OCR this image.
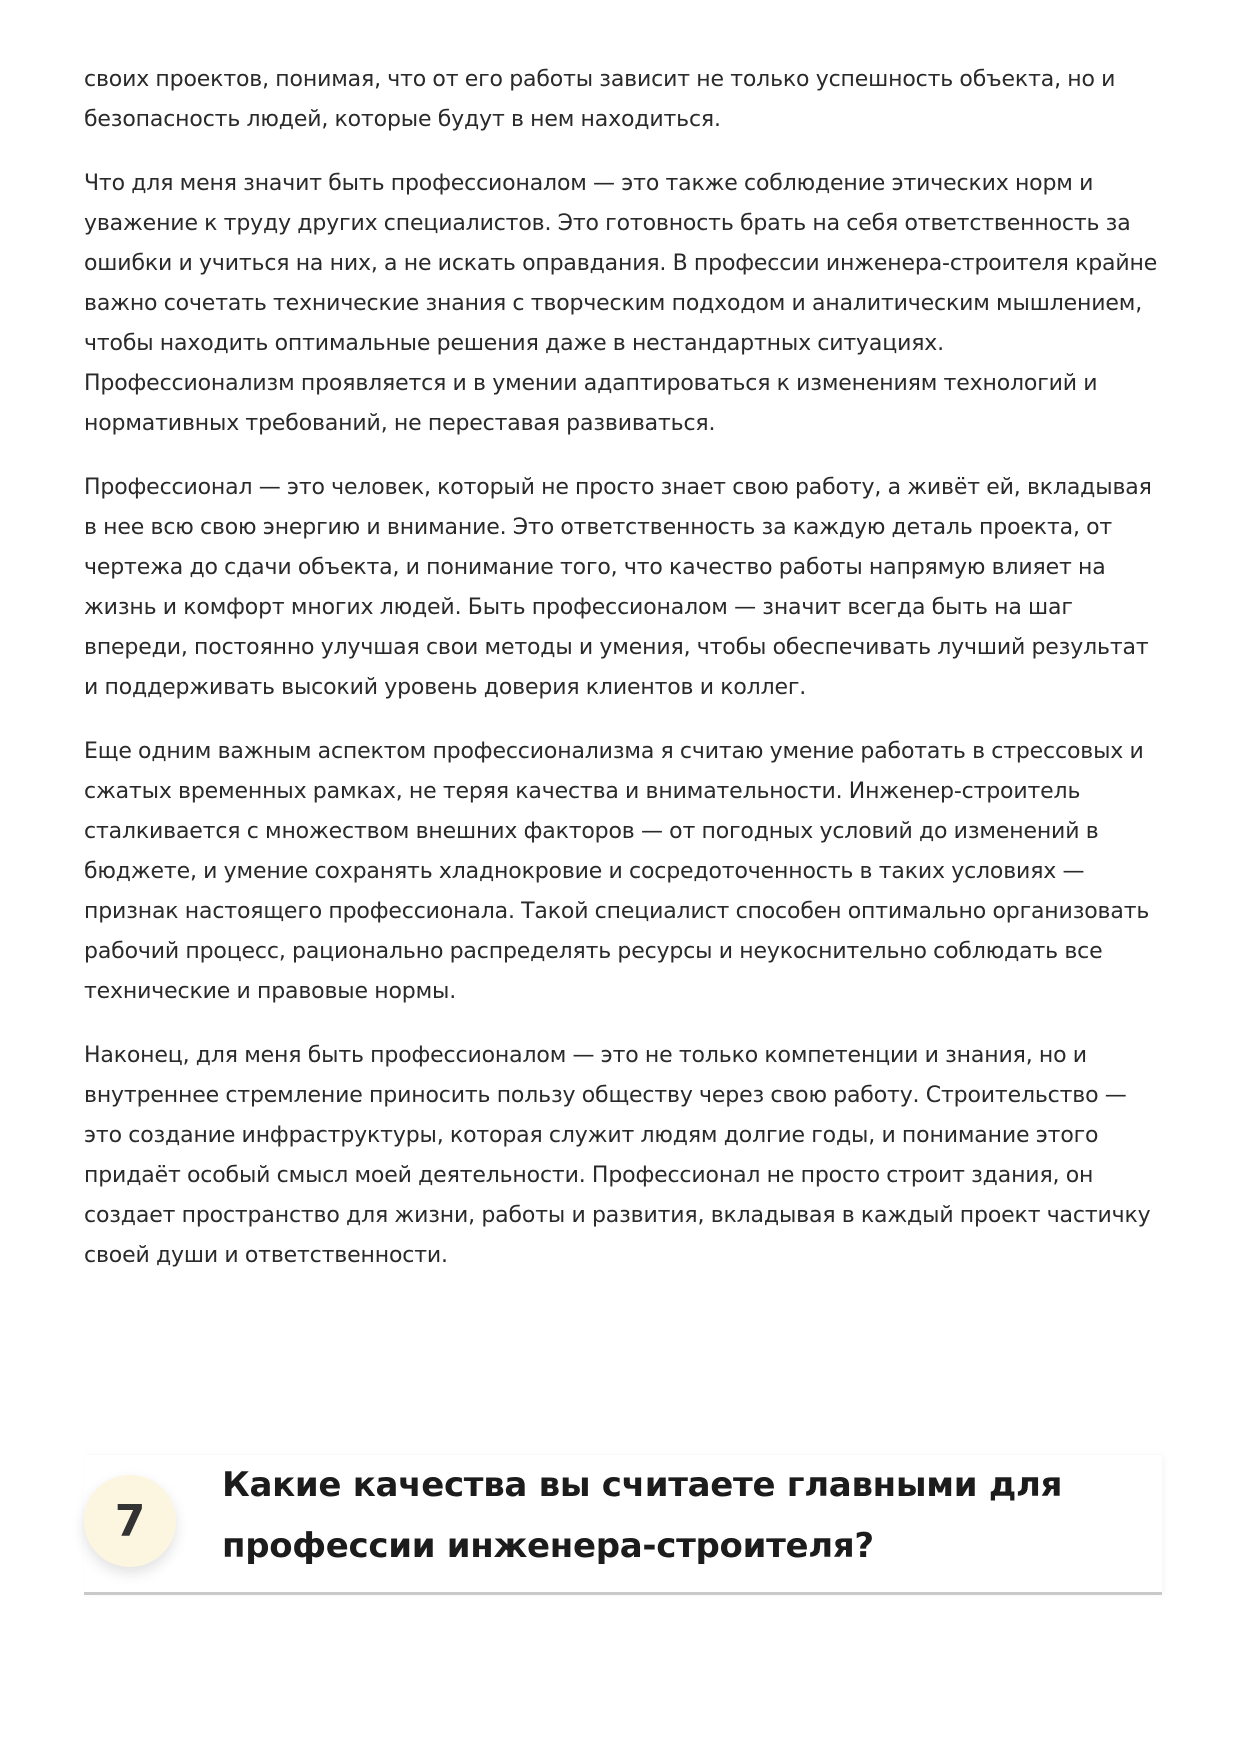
своих проектов, понимая, что от его работы зависит не только успешность объекта, но и безопасность людей, которые будут в нем находиться.

Что для меня значит быть профессионалом — это также соблюдение этических норм и уважение к труду других специалистов. Это готовность брать на себя ответственность за ошибки и учиться на них, а не искать оправдания. В профессии инженера-строителя крайне важно сочетать технические знания с творческим подходом и аналитическим мышлением, чтобы находить оптимальные решения даже в нестандартных ситуациях. Профессионализм проявляется и в умении адаптироваться к изменениям технологий и нормативных требований, не переставая развиваться.

Профессионал — это человек, который не просто знает свою работу, а живёт ей, вкладывая в нее всю свою энергию и внимание. Это ответственность за каждую деталь проекта, от чертежа до сдачи объекта, и понимание того, что качество работы напрямую влияет на жизнь и комфорт многих людей. Быть профессионалом — значит всегда быть на шаг впереди, постоянно улучшая свои методы и умения, чтобы обеспечивать лучший результат и поддерживать высокий уровень доверия клиентов и коллег.

Еще одним важным аспектом профессионализма я считаю умение работать в стрессовых и сжатых временных рамках, не теряя качества и внимательности. Инженер-строитель сталкивается с множеством внешних факторов — от погодных условий до изменений в бюджете, и умение сохранять хладнокровие и сосредоточенность в таких условиях — признак настоящего профессионала. Такой специалист способен оптимально организовать рабочий процесс, рационально распределять ресурсы и неукоснительно соблюдать все технические и правовые нормы.

Наконец, для меня быть профессионалом — это не только компетенции и знания, но и внутреннее стремление приносить пользу обществу через свою работу. Строительство — это создание инфраструктуры, которая служит людям долгие годы, и понимание этого придаёт особый смысл моей деятельности. Профессионал не просто строит здания, он создает пространство для жизни, работы и развития, вкладывая в каждый проект частичку своей души и ответственности.

7
Какие качества вы считаете главными для профессии инженера-строителя?
